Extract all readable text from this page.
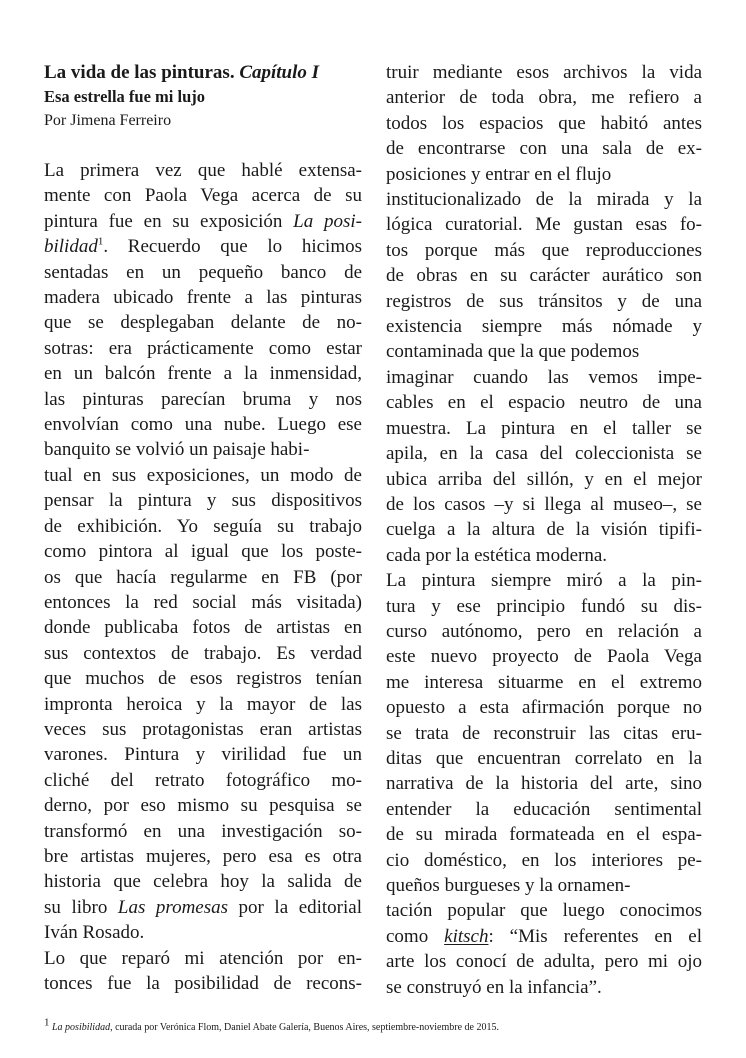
La vida de las pinturas. Capítulo I
Esa estrella fue mi lujo
Por Jimena Ferreiro
La primera vez que hablé extensa-
mente con Paola Vega acerca de su
pintura fue en su exposición La posi-
bilidad$^1$. Recuerdo que lo hicimos
sentadas en un pequeño banco de
madera ubicado frente a las pinturas
que se desplegaban delante de no-
sotras: era prácticamente como estar
en un balcón frente a la inmensidad,
las pinturas parecían bruma y nos
envolvían como una nube. Luego ese
banquito se volvió un paisaje habi-
tual en sus exposiciones, un modo de
pensar la pintura y sus dispositivos
de exhibición. Yo seguía su trabajo
como pintora al igual que los poste-
os que hacía regularme en FB (por
entonces la red social más visitada)
donde publicaba fotos de artistas en
sus contextos de trabajo. Es verdad
que muchos de esos registros tenían
impronta heroica y la mayor de las
veces sus protagonistas eran artistas
varones. Pintura y virilidad fue un
cliché del retrato fotográfico mo-
derno, por eso mismo su pesquisa se
transformó en una investigación so-
bre artistas mujeres, pero esa es otra
historia que celebra hoy la salida de
su libro Las promesas por la editorial
Iván Rosado.
Lo que reparó mi atención por en-
tonces fue la posibilidad de recons-
truir mediante esos archivos la vida
anterior de toda obra, me refiero a
todos los espacios que habitó antes
de encontrarse con una sala de ex-
posiciones y entrar en el flujo
institucionalizado de la mirada y la
lógica curatorial. Me gustan esas fo-
tos porque más que reproducciones
de obras en su carácter aurático son
registros de sus tránsitos y de una
existencia siempre más nómade y
contaminada que la que podemos
imaginar cuando las vemos impe-
cables en el espacio neutro de una
muestra. La pintura en el taller se
apila, en la casa del coleccionista se
ubica arriba del sillón, y en el mejor
de los casos –y si llega al museo–, se
cuelga a la altura de la visión tipifi-
cada por la estética moderna.
La pintura siempre miró a la pin-
tura y ese principio fundó su dis-
curso autónomo, pero en relación a
este nuevo proyecto de Paola Vega
me interesa situarme en el extremo
opuesto a esta afirmación porque no
se trata de reconstruir las citas eru-
ditas que encuentran correlato en la
narrativa de la historia del arte, sino
entender la educación sentimental
de su mirada formateada en el espa-
cio doméstico, en los interiores pe-
queños burgueses y la ornamen-
tación popular que luego conocimos
como kitsch: “Mis referentes en el
arte los conocí de adulta, pero mi ojo
se construyó en la infancia”.
$^1$ La posibilidad, curada por Verónica Flom, Daniel Abate Galería, Buenos Aires, septiembre-noviembre de 2015.
